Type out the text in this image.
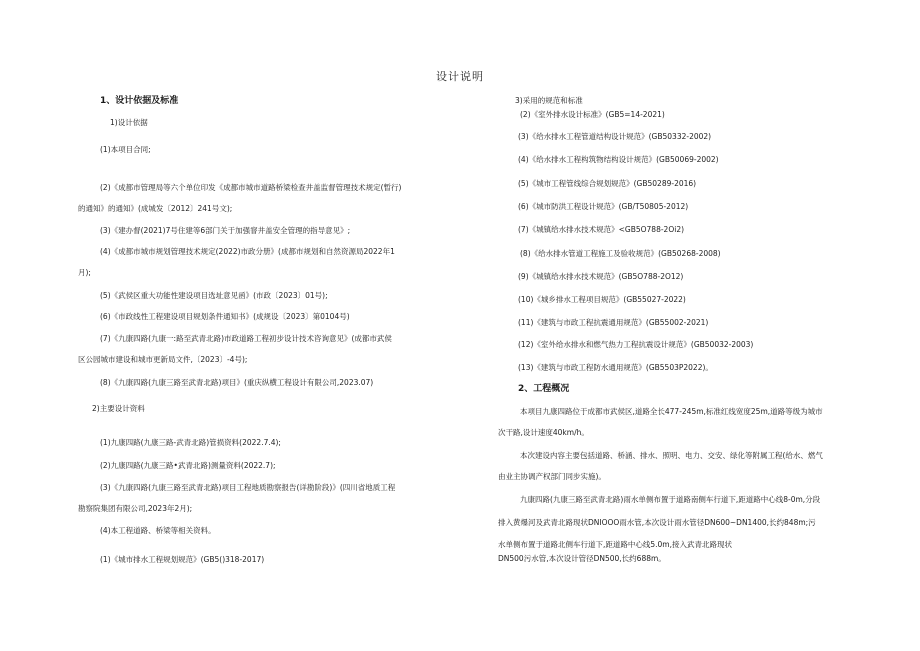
设计说明
1、设计依据及标准
1)设计依据
(1)本项目合同;
(2)《成都市管理局等六个单位印发《成都市城市道路桥梁检查井盖监督管理技术规定(暂行)
的通知》的通知》(成城发〔2012〕241号文);
(3)《建办督(2021)7号住建等6部门关于加强窨井盖安全管理的指导意见》;
(4)《成都市城市规划管理技术规定(2022)市政分册》(成都市规划和自然资源局2022年1
月);
(5)《武侯区重大功能性建设项目选址意见函》(市政〔2023〕01号);
(6)《市政线性工程建设项目规划条件通知书》(成规设〔2023〕第0104号)
(7)《九康四路(九康一:路至武青北路)市政道路工程初步设计技术咨询意见》(成都市武侯
区公园城市建设和城市更新局文件,〔2023〕-4号);
(8)《九康四路(九康三路至武青北路)项目》(重庆纵横工程设计有限公司,2023.07)
2)主要设计资料
(1)九康四路(九康三路-武青北路)管损资料(2022.7.4);
(2)九康四路(九康三路•武青北路)测量资料(2022.7);
(3)《九康四路(九康三路至武青北路)项目工程地质勘察报告(详勘阶段)》(四川省地质工程
勘察院集团有限公司,2023年2月);
(4)本工程道路、桥梁等相关资料。
(1)《城市排水工程规划规范》(GB5()318-2017)
3)采用的规范和标准
(2)《室外排水设计标准》(GB5=14-2021)
(3)《给水排水工程管道结构设计规范》(GB50332-2002)
(4)《给水排水工程构筑物结构设计规范》(GB50069-2002)
(5)《城市工程管线综合规划规范》(GB50289-2016)
(6)《城市防洪工程设计规范》(GB/T50805-2012)
(7)《城镇给水排水技术规范》<GB5O788-2Oi2)
(8)《给水排水管道工程施工及验收规范》(GB50268-2008)
(9)《城镇给水排水技术规范》(GB5O788-2O12)
(10)《城乡排水工程项目规范》(GB55027-2022)
(11)《建筑与市政工程抗震通用规范》(GB55002-2021)
(12)《室外给水排水和燃气热力工程抗震设计规范》(GB50032-2003)
(13)《建筑与市政工程防水通用规范》(GB5503P2022)。
2、工程概况
本项目九康四路位于成都市武侯区,道路全长477-245m,标准红线宽度25m,道路等级为城市
次干路,设计速度40km/h。
本次建设内容主要包括道路、桥涵、排水、照明、电力、交安、绿化等附属工程(给水、燃气
由业主协调产权部门同步实施)。
九康四路(九康三路至武青北路)雨水单侧布置于道路南侧车行道下,距道路中心线8-0m,分段
排入黄爆河及武青北路现状DNIOOO雨水管,本次设计雨水管径DN600~DN1400,长约848m;污
水单侧布置于道路北侧车行道下,距道路中心线5.0m,接入武青北路现状
DN500污水管,本次设计管径DN500,长约688m。
